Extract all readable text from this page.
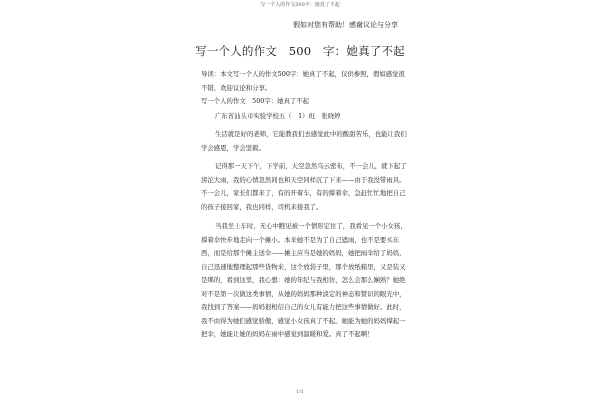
写一个人的作文500字：她真了不起
假如对您有帮助！感谢议论与分享
写一个人的作文　500　字：她真了不起
导读：本文写一个人的作文500字：她真了不起，仅供参照，假如感觉很不错，欢迎议论和分享。
写一个人的作文　500字：她真了不起
广东省汕头市实验学校五（　1）班　张晓婷
生活就是好的老师，它能教我们去感觉此中的酸甜苦乐，也能让我们学会感恩，学会坚毅。
记得那一天下午，下学前，天空忽然乌云密布，不一会儿，就下起了滂沱大雨，我的心情忽然间也和天空同样沉了下来——由于我没带雨具。不一会儿，家长们都来了，有的开着车，有的撑着伞，急赶忙忙地把自己的孩子接回家，我也同样，司机来接我了。
当我坐上车时，无心中瞧见被一个情形定住了，我看见一个小女孩，撑着伞快步地走向一个摊小。本来她不是为了自己遮雨，也不是要买东西，而是给那个摊主送伞——摊主应当是她的妈妈，她把雨伞给了妈妈，自己迅速地整理起那些货物来，这个放袋子里，那个放纸箱里，又是装又是绑的，看到这里，我心想：她的年纪与我相仿，怎么会那么娴熟？她绝对不是第一次做这类事情，从她的妈妈那种淡定的神态和赞识的眼光中，我找到了答案——妈妈很相信自己的女儿有能力把这些事情做好。此时，我不由得为她们感觉骄傲，感觉小女孩真了不起。她能为她的妈妈撑起一把伞，她能让她的妈妈在雨中感觉到温暖和爱。真了不起啊！
1/1
